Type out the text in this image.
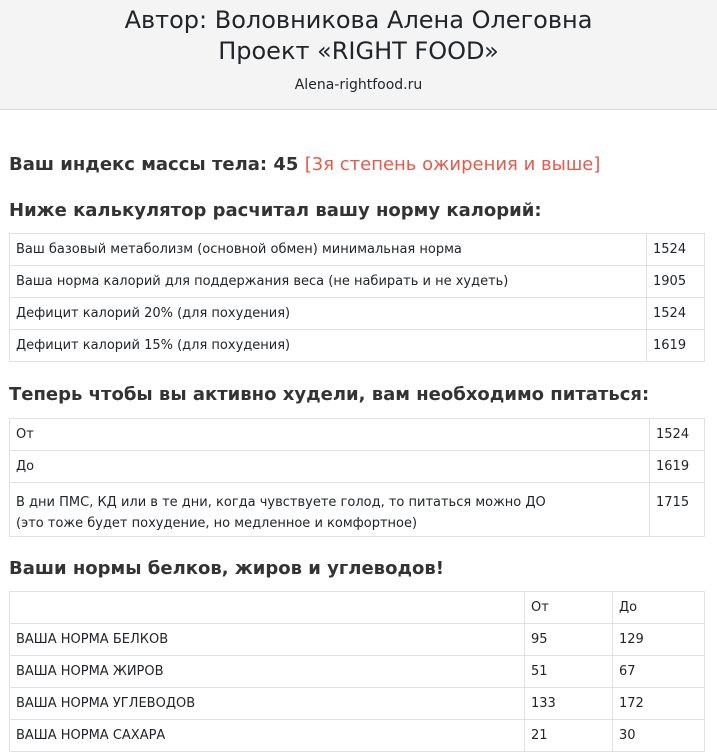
Автор: Воловникова Алена Олеговна
Проект «RIGHT FOOD»
Alena-rightfood.ru
Ваш индекс массы тела: 45 [3я степень ожирения и выше]
Ниже калькулятор расчитал вашу норму калорий:
Ваш базовый метаболизм (основной обмен) минимальная норма	1524
Ваша норма калорий для поддержания веса (не набирать и не худеть)	1905
Дефицит калорий 20% (для похудения)	1524
Дефицит калорий 15% (для похудения)	1619
Теперь чтобы вы активно худели, вам необходимо питаться:
От	1524
До	1619

В дни ПМС, КД или в те дни, когда чувствуете голод, то питаться можно ДО
(это тоже будет похудение, но медленное и комфортное)	1715
Ваши нормы белков, жиров и углеводов!
	От	До
ВАША НОРМА БЕЛКОВ	95	129
ВАША НОРМА ЖИРОВ	51	67
ВАША НОРМА УГЛЕВОДОВ	133	172
ВАША НОРМА САХАРА	21	30
